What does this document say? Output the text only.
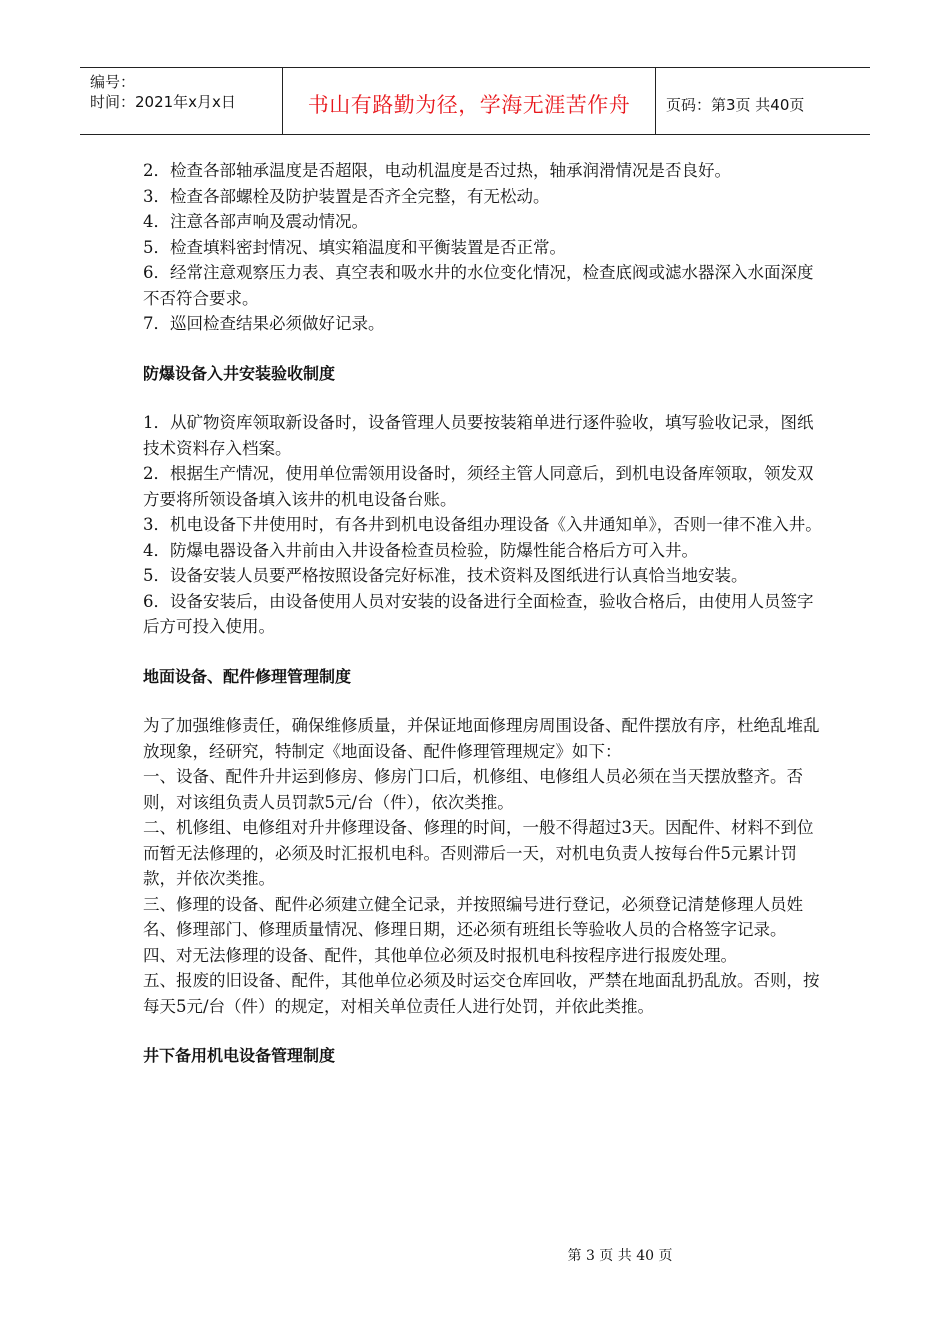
编号：
时间：2021年x月x日	书山有路勤为径，学海无涯苦作舟	页码：第3页 共40页

2．检查各部轴承温度是否超限，电动机温度是否过热，轴承润滑情况是否良好。

3．检查各部螺栓及防护装置是否齐全完整，有无松动。

4．注意各部声响及震动情况。

5．检查填料密封情况、填实箱温度和平衡装置是否正常。

6．经常注意观察压力表、真空表和吸水井的水位变化情况，检查底阀或滤水器深入水面深度不否符合要求。

7．巡回检查结果必须做好记录。

防爆设备入井安装验收制度

1．从矿物资库领取新设备时，设备管理人员要按装箱单进行逐件验收，填写验收记录，图纸技术资料存入档案。

2．根据生产情况，使用单位需领用设备时，须经主管人同意后，到机电设备库领取，领发双方要将所领设备填入该井的机电设备台账。

3．机电设备下井使用时，有各井到机电设备组办理设备《入井通知单》，否则一律不准入井。

4．防爆电器设备入井前由入井设备检查员检验，防爆性能合格后方可入井。

5．设备安装人员要严格按照设备完好标准，技术资料及图纸进行认真恰当地安装。

6．设备安装后，由设备使用人员对安装的设备进行全面检查，验收合格后，由使用人员签字后方可投入使用。

地面设备、配件修理管理制度

为了加强维修责任，确保维修质量，并保证地面修理房周围设备、配件摆放有序，杜绝乱堆乱放现象，经研究，特制定《地面设备、配件修理管理规定》如下：

一、设备、配件升井运到修房、修房门口后，机修组、电修组人员必须在当天摆放整齐。否则，对该组负责人员罚款5元/台（件），依次类推。

二、机修组、电修组对升井修理设备、修理的时间，一般不得超过3天。因配件、材料不到位而暂无法修理的，必须及时汇报机电科。否则滞后一天，对机电负责人按每台件5元累计罚款，并依次类推。

三、修理的设备、配件必须建立健全记录，并按照编号进行登记，必须登记清楚修理人员姓名、修理部门、修理质量情况、修理日期，还必须有班组长等验收人员的合格签字记录。

四、对无法修理的设备、配件，其他单位必须及时报机电科按程序进行报废处理。

五、报废的旧设备、配件，其他单位必须及时运交仓库回收，严禁在地面乱扔乱放。否则，按每天5元/台（件）的规定，对相关单位责任人进行处罚，并依此类推。

井下备用机电设备管理制度
第 3 页 共 40 页
